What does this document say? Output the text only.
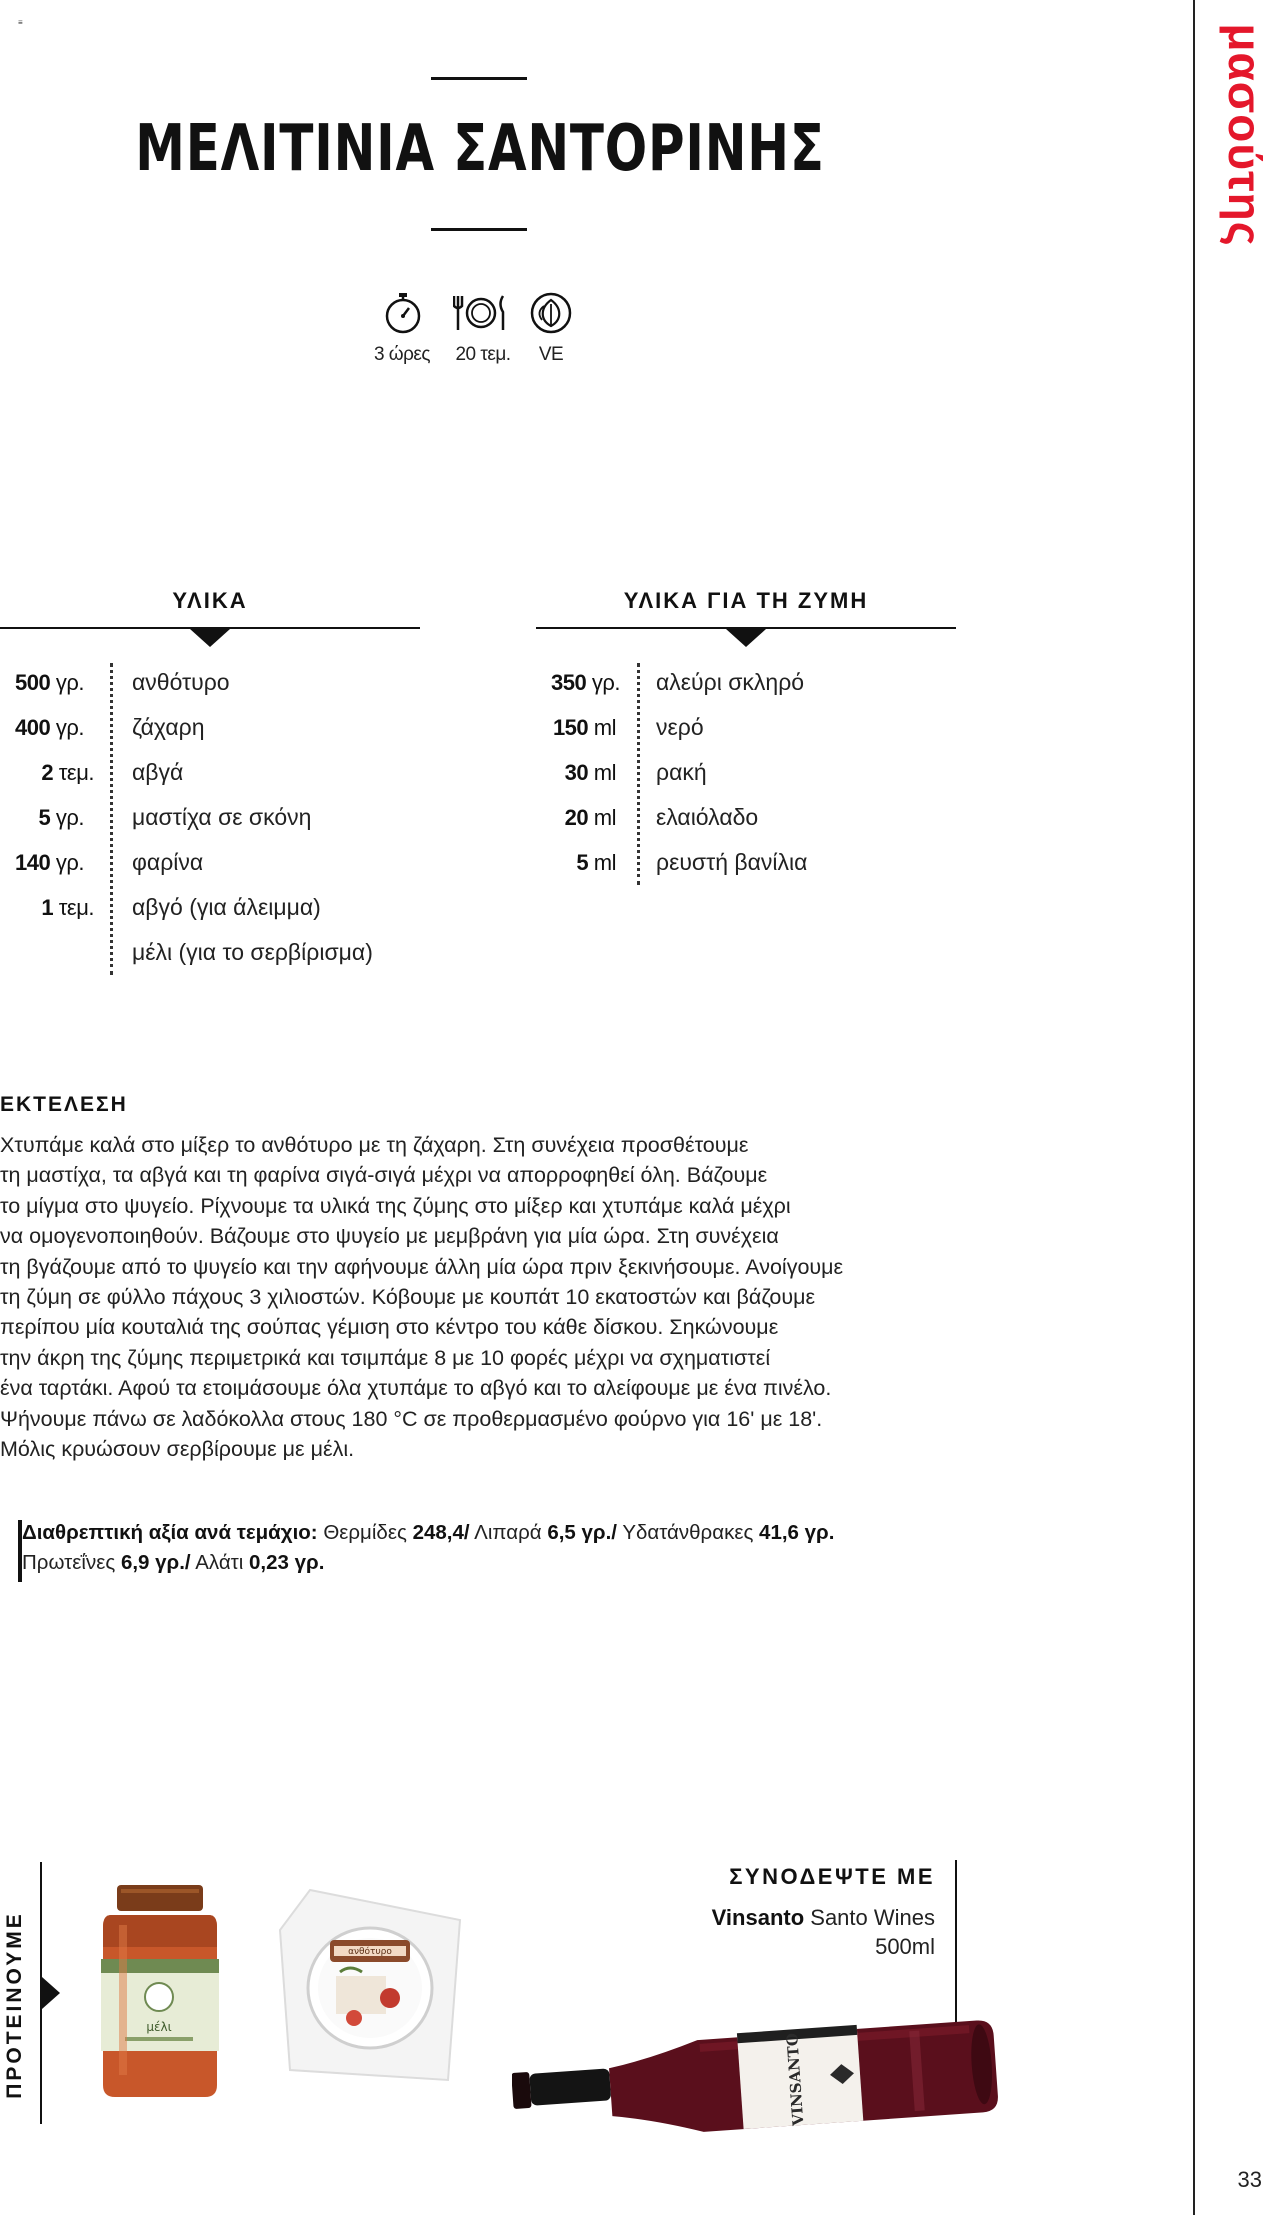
≡
μασούτης
33
ΜΕΛΙΤΙΝΙΑ ΣΑΝΤΟΡΙΝΗΣ
3 ώρες	20 τεμ.	VE
ΥΛΙΚΑ	ΥΛΙΚΑ ΓΙΑ ΤΗ ΖΥΜΗ
500 γρ. ανθότυρο
400 γρ. ζάχαρη
2 τεμ. αβγά
5 γρ. μαστίχα σε σκόνη
140 γρ. φαρίνα
1 τεμ. αβγό (για άλειμμα)
μέλι (για το σερβίρισμα)
350 γρ. αλεύρι σκληρό
150 ml νερό
30 ml ρακή
20 ml ελαιόλαδο
5 ml ρευστή βανίλια
ΕΚΤΕΛΕΣΗ
Χτυπάμε καλά στο μίξερ το ανθότυρο με τη ζάχαρη. Στη συνέχεια προσθέτουμε
τη μαστίχα, τα αβγά και τη φαρίνα σιγά-σιγά μέχρι να απορροφηθεί όλη. Βάζουμε
το μίγμα στο ψυγείο. Ρίχνουμε τα υλικά της ζύμης στο μίξερ και χτυπάμε καλά μέχρι
να ομογενοποιηθούν. Βάζουμε στο ψυγείο με μεμβράνη για μία ώρα. Στη συνέχεια
τη βγάζουμε από το ψυγείο και την αφήνουμε άλλη μία ώρα πριν ξεκινήσουμε. Ανοίγουμε
τη ζύμη σε φύλλο πάχους 3 χιλιοστών. Κόβουμε με κουπάτ 10 εκατοστών και βάζουμε
περίπου μία κουταλιά της σούπας γέμιση στο κέντρο του κάθε δίσκου. Σηκώνουμε
την άκρη της ζύμης περιμετρικά και τσιμπάμε 8 με 10 φορές μέχρι να σχηματιστεί
ένα ταρτάκι. Αφού τα ετοιμάσουμε όλα χτυπάμε το αβγό και το αλείφουμε με ένα πινέλο.
Ψήνουμε πάνω σε λαδόκολλα στους 180 °C σε προθερμασμένο φούρνο για 16' με 18'.
Μόλις κρυώσουν σερβίρουμε με μέλι.
Διαθρεπτική αξία ανά τεμάχιο: Θερμίδες 248,4/ Λιπαρά 6,5 γρ./ Υδατάνθρακες 41,6 γρ.
Πρωτεΐνες 6,9 γρ./ Αλάτι 0,23 γρ.
ΠΡΟΤΕΙΝΟΥΜΕ	μέλι
ανθότυρο
ΣΥΝΟΔΕΨΤΕ ΜΕ
Vinsanto Santo Wines
500ml
VINSANTO
